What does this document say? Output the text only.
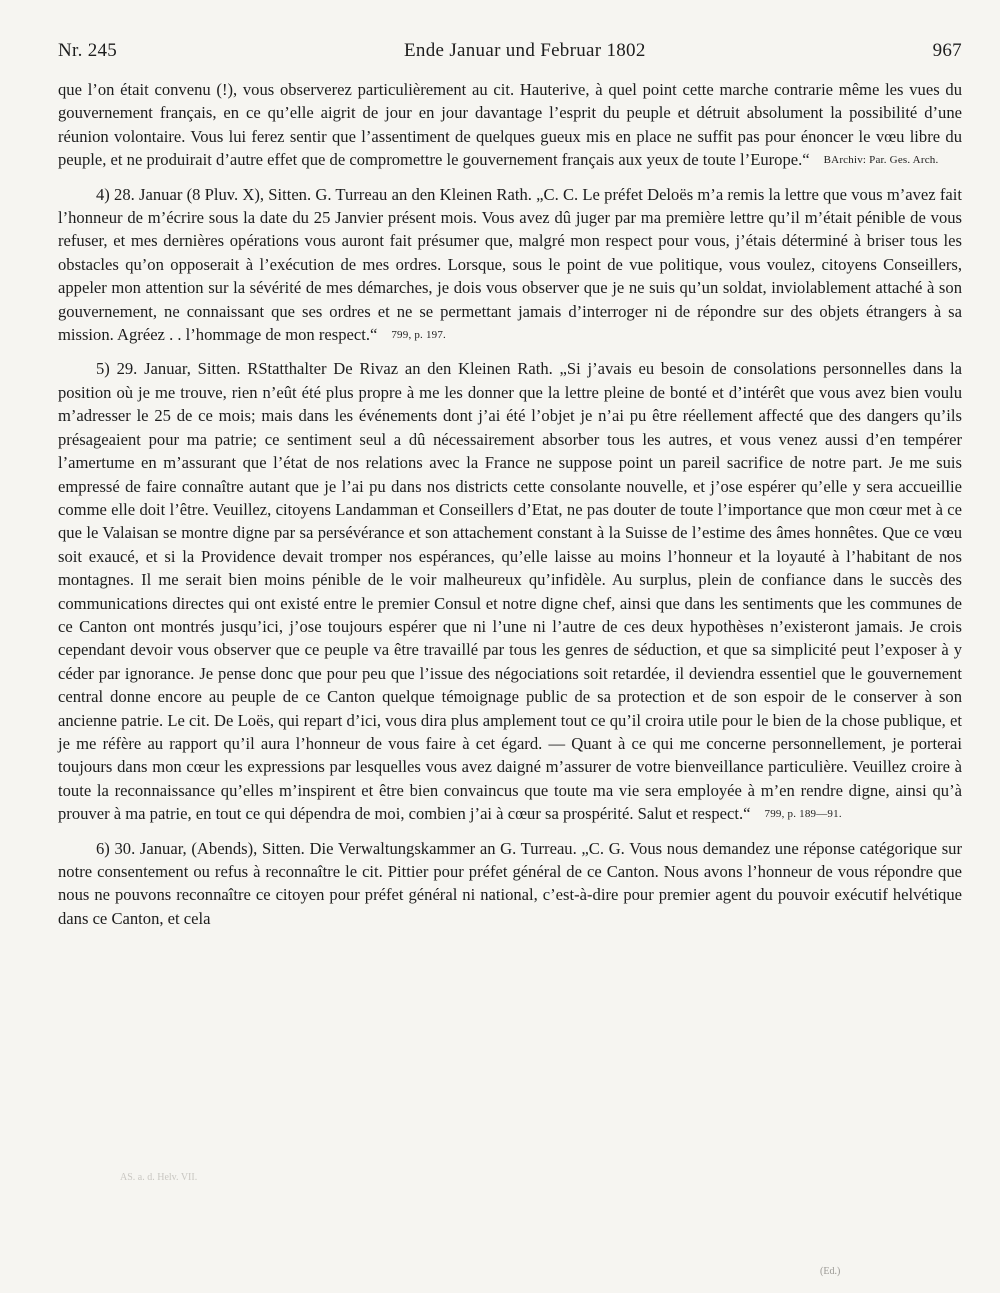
Nr. 245	Ende Januar und Februar 1802	967

que l’on était convenu (!), vous observerez particulièrement au cit. Hauterive, à quel point cette marche contrarie même les vues du gouvernement français, en ce qu’elle aigrit de jour en jour davantage l’esprit du peuple et détruit absolument la possibilité d’une réunion volontaire. Vous lui ferez sentir que l’assentiment de quelques gueux mis en place ne suffit pas pour énoncer le vœu libre du peuple, et ne produirait d’autre effet que de compromettre le gouvernement français aux yeux de toute l’Europe.“ BArchiv: Par. Ges. Arch.

4) 28. Januar (8 Pluv. X), Sitten. G. Turreau an den Kleinen Rath. „C. C. Le préfet Deloës m’a remis la lettre que vous m’avez fait l’honneur de m’écrire sous la date du 25 Janvier présent mois. Vous avez dû juger par ma première lettre qu’il m’était pénible de vous refuser, et mes dernières opérations vous auront fait présumer que, malgré mon respect pour vous, j’étais déterminé à briser tous les obstacles qu’on opposerait à l’exécution de mes ordres. Lorsque, sous le point de vue politique, vous voulez, citoyens Conseillers, appeler mon attention sur la sévérité de mes démarches, je dois vous observer que je ne suis qu’un soldat, inviolablement attaché à son gouvernement, ne connaissant que ses ordres et ne se permettant jamais d’interroger ni de répondre sur des objets étrangers à sa mission. Agréez . . l’hommage de mon respect.“ 799, p. 197.

5) 29. Januar, Sitten. RStatthalter De Rivaz an den Kleinen Rath. „Si j’avais eu besoin de consolations personnelles dans la position où je me trouve, rien n’eût été plus propre à me les donner que la lettre pleine de bonté et d’intérêt que vous avez bien voulu m’adresser le 25 de ce mois; mais dans les événements dont j’ai été l’objet je n’ai pu être réellement affecté que des dangers qu’ils présageaient pour ma patrie; ce sentiment seul a dû nécessairement absorber tous les autres, et vous venez aussi d’en tempérer l’amertume en m’assurant que l’état de nos relations avec la France ne suppose point un pareil sacrifice de notre part. Je me suis empressé de faire connaître autant que je l’ai pu dans nos districts cette consolante nouvelle, et j’ose espérer qu’elle y sera accueillie comme elle doit l’être. Veuillez, citoyens Landamman et Conseillers d’Etat, ne pas douter de toute l’importance que mon cœur met à ce que le Valaisan se montre digne par sa persévérance et son attachement constant à la Suisse de l’estime des âmes honnêtes. Que ce vœu soit exaucé, et si la Providence devait tromper nos espérances, qu’elle laisse au moins l’honneur et la loyauté à l’habitant de nos montagnes. Il me serait bien moins pénible de le voir malheureux qu’infidèle. Au surplus, plein de confiance dans le succès des communications directes qui ont existé entre le premier Consul et notre digne chef, ainsi que dans les sentiments que les communes de ce Canton ont montrés jusqu’ici, j’ose toujours espérer que ni l’une ni l’autre de ces deux hypothèses n’existeront jamais. Je crois cependant devoir vous observer que ce peuple va être travaillé par tous les genres de séduction, et que sa simplicité peut l’exposer à y céder par ignorance. Je pense donc que pour peu que l’issue des négociations soit retardée, il deviendra essentiel que le gouvernement central donne encore au peuple de ce Canton quelque témoignage public de sa protection et de son espoir de le conserver à son ancienne patrie. Le cit. De Loës, qui repart d’ici, vous dira plus amplement tout ce qu’il croira utile pour le bien de la chose publique, et je me réfère au rapport qu’il aura l’honneur de vous faire à cet égard. — Quant à ce qui me concerne personnellement, je porterai toujours dans mon cœur les expressions par lesquelles vous avez daigné m’assurer de votre bienveillance particulière. Veuillez croire à toute la reconnaissance qu’elles m’inspirent et être bien convaincus que toute ma vie sera employée à m’en rendre digne, ainsi qu’à prouver à ma patrie, en tout ce qui dépendra de moi, combien j’ai à cœur sa prospérité. Salut et respect.“ 799, p. 189—91.

6) 30. Januar, (Abends), Sitten. Die Verwaltungskammer an G. Turreau. „C. G. Vous nous demandez une réponse catégorique sur notre consentement ou refus à reconnaître le cit. Pittier pour préfet général de ce Canton. Nous avons l’honneur de vous répondre que nous ne pouvons reconnaître ce citoyen pour préfet général ni national, c’est-à-dire pour premier agent du pouvoir exécutif helvétique dans ce Canton, et cela

AS. a. d. Helv. VII.
(Ed.)
